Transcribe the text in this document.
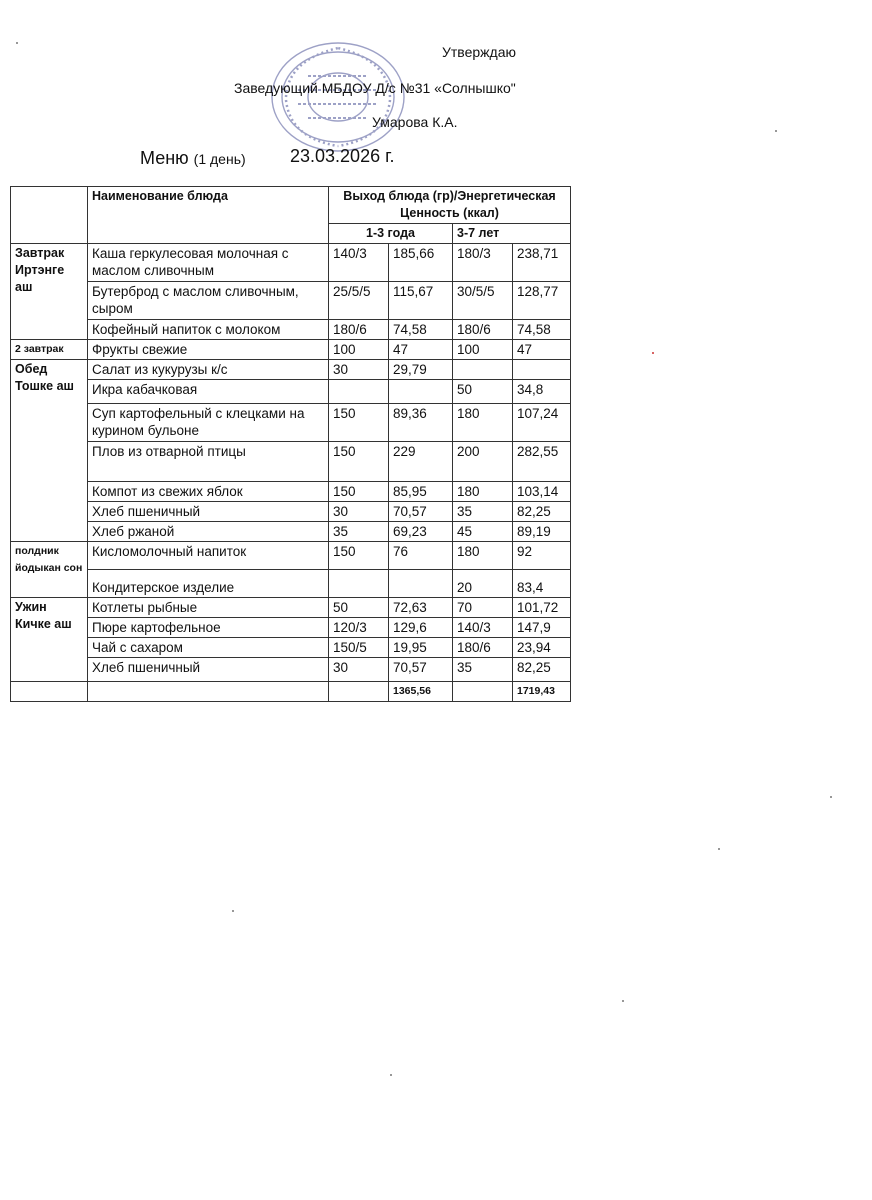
Утверждаю
Заведующий МБДОУ Д/с №31 «Солнышко"
Умарова К.А.
Меню (1 день) 23.03.2026 г.
	Наименование блюда	Выход блюда (гр)/Энергетическая Ценность (ккал)			
		1-3 года		3-7 лет	
Завтрак Иртэнге аш	Каша геркулесовая молочная с маслом сливочным	140/3	185,66	180/3	238,71
	Бутерброд с маслом сливочным, сыром	25/5/5	115,67	30/5/5	128,77
	Кофейный напиток с молоком	180/6	74,58	180/6	74,58
2 завтрак	Фрукты свежие	100	47	100	47
Обед Тошке аш	Салат из кукурузы к/с	30	29,79		
	Икра кабачковая			50	34,8
	Суп картофельный с клецками на курином бульоне	150	89,36	180	107,24
	Плов из отварной птицы	150	229	200	282,55
	Компот из свежих яблок	150	85,95	180	103,14
	Хлеб пшеничный	30	70,57	35	82,25
	Хлеб ржаной	35	69,23	45	89,19
полдник йодыкан сон	Кисломолочный напиток	150	76	180	92
	Кондитерское изделие			20	83,4
Ужин Кичке аш	Котлеты рыбные	50	72,63	70	101,72
	Пюре картофельное	120/3	129,6	140/3	147,9
	Чай с сахаром	150/5	19,95	180/6	23,94
	Хлеб пшеничный	30	70,57	35	82,25
			1365,56		1719,43
